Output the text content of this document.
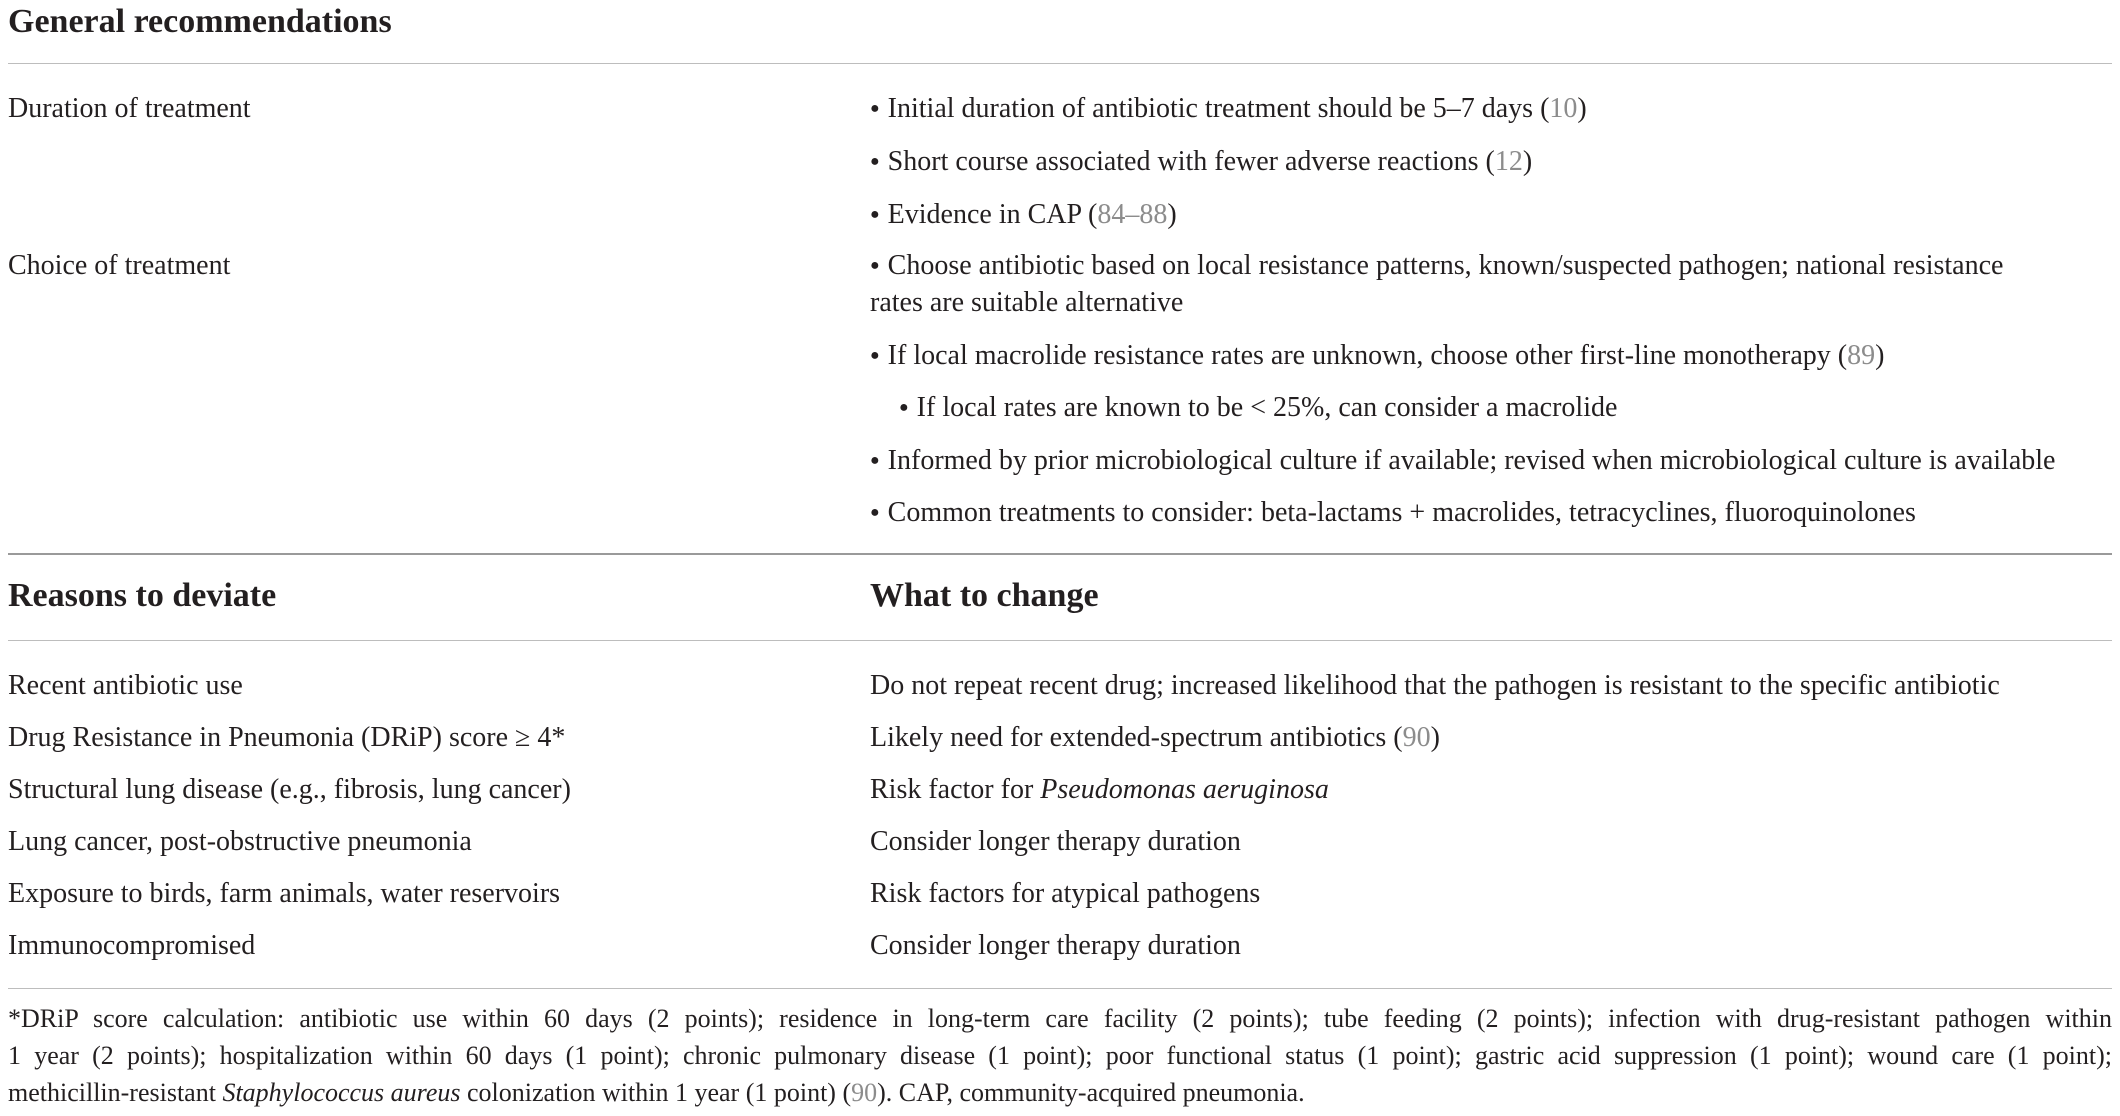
General recommendations
Duration of treatment	● Initial duration of antibiotic treatment should be 5–7 days (10)
● Short course associated with fewer adverse reactions (12)
● Evidence in CAP (84–88)
Choice of treatment	● Choose antibiotic based on local resistance patterns, known/suspected pathogen; national resistance
rates are suitable alternative
● If local macrolide resistance rates are unknown, choose other first-line monotherapy (89)
● If local rates are known to be < 25%, can consider a macrolide
● Informed by prior microbiological culture if available; revised when microbiological culture is available
● Common treatments to consider: beta-lactams + macrolides, tetracyclines, fluoroquinolones
Reasons to deviate	What to change
Recent antibiotic use	Do not repeat recent drug; increased likelihood that the pathogen is resistant to the specific antibiotic
Drug Resistance in Pneumonia (DRiP) score ≥ 4*	Likely need for extended-spectrum antibiotics (90)
Structural lung disease (e.g., fibrosis, lung cancer)	Risk factor for Pseudomonas aeruginosa
Lung cancer, post-obstructive pneumonia	Consider longer therapy duration
Exposure to birds, farm animals, water reservoirs	Risk factors for atypical pathogens
Immunocompromised	Consider longer therapy duration
*DRiP score calculation: antibiotic use within 60 days (2 points); residence in long-term care facility (2 points); tube feeding (2 points); infection with drug-resistant pathogen within
1 year (2 points); hospitalization within 60 days (1 point); chronic pulmonary disease (1 point); poor functional status (1 point); gastric acid suppression (1 point); wound care (1 point);
methicillin-resistant Staphylococcus aureus colonization within 1 year (1 point) (90). CAP, community-acquired pneumonia.
